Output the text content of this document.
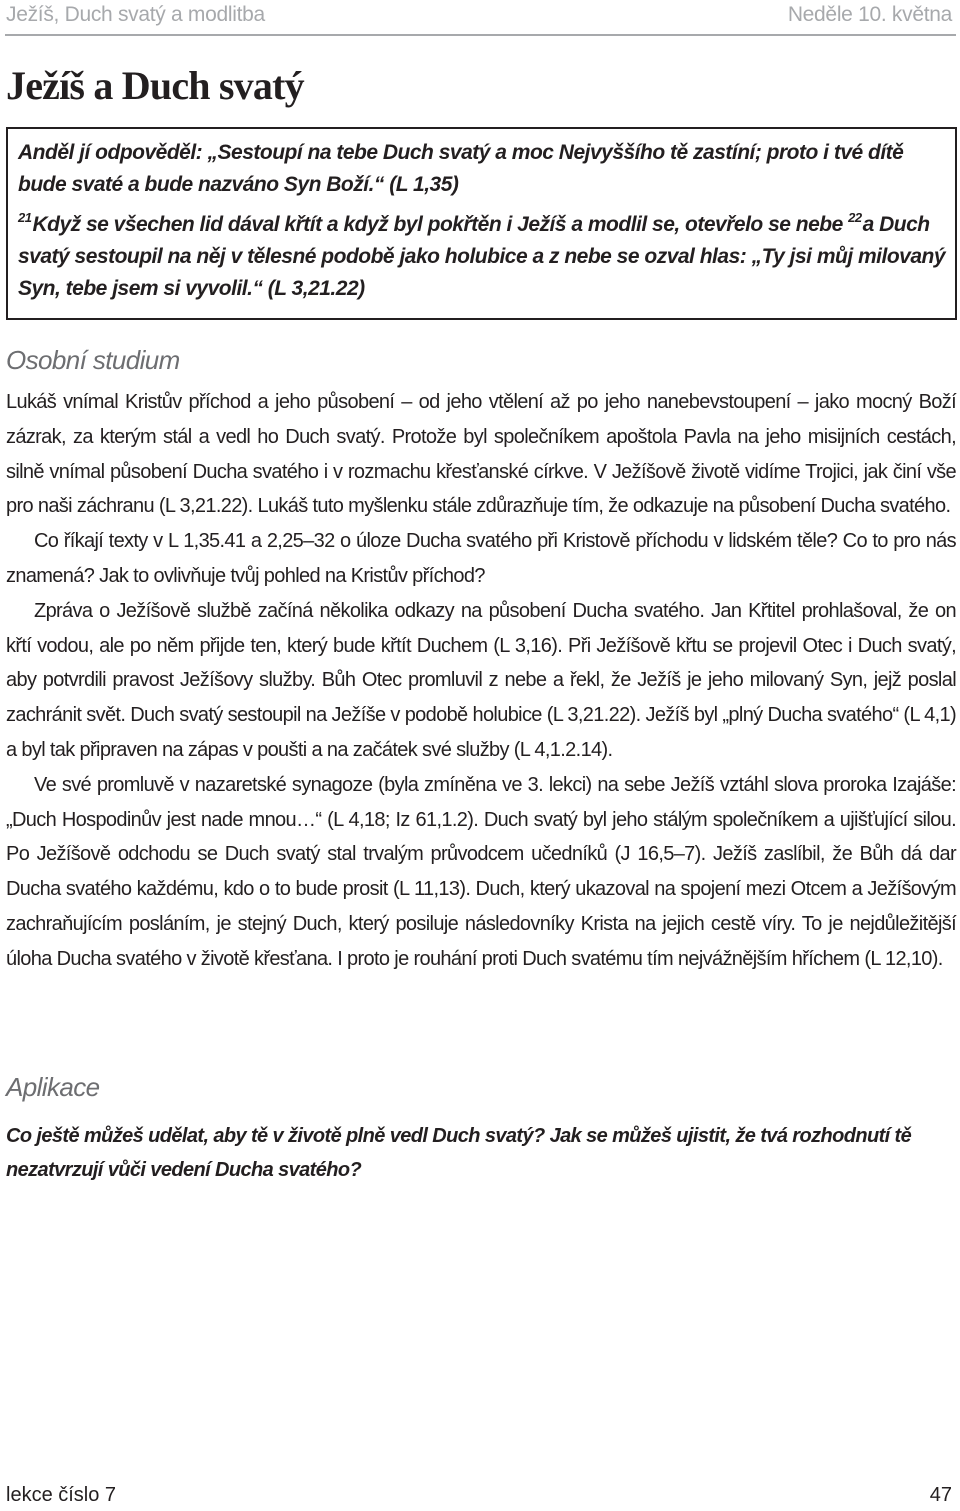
Ježíš, Duch svatý a modlitba	Neděle 10. května
Ježíš a Duch svatý

Anděl jí odpověděl: „Sestoupí na tebe Duch svatý a moc Nejvyššího tě zastíní; proto i tvé dítě bude svaté a bude nazváno Syn Boží.“ (L 1,35)

$^{21}$Když se všechen lid dával křtít a když byl pokřtěn i Ježíš a modlil se, otevřelo se nebe $^{22}$a Duch svatý sestoupil na něj v tělesné podobě jako holubice a z nebe se ozval hlas: „Ty jsi můj milovaný Syn, tebe jsem si vyvolil.“ (L 3,21.22)

Osobní studium

Lukáš vnímal Kristův příchod a jeho působení – od jeho vtělení až po jeho nanebevstoupení – jako mocný Boží zázrak, za kterým stál a vedl ho Duch svatý. Protože byl společníkem apoštola Pavla na jeho misijních cestách, silně vnímal působení Ducha svatého i v rozmachu křesťanské církve. V Ježíšově životě vidíme Trojici, jak činí vše pro naši záchranu (L 3,21.22). Lukáš tuto myšlenku stále zdůrazňuje tím, že odkazuje na působení Ducha svatého.

Co říkají texty v L 1,35.41 a 2,25–32 o úloze Ducha svatého při Kristově příchodu v lidském těle? Co to pro nás znamená? Jak to ovlivňuje tvůj pohled na Kristův příchod?

Zpráva o Ježíšově službě začíná několika odkazy na působení Ducha svatého. Jan Křtitel prohlašoval, že on křtí vodou, ale po něm přijde ten, který bude křtít Duchem (L 3,16). Při Ježíšově křtu se projevil Otec i Duch svatý, aby potvrdili pravost Ježíšovy služby. Bůh Otec promluvil z nebe a řekl, že Ježíš je jeho milovaný Syn, jejž poslal zachránit svět. Duch svatý sestoupil na Ježíše v podobě holubice (L 3,21.22). Ježíš byl „plný Ducha svatého“ (L 4,1) a byl tak připraven na zápas v poušti a na začátek své služby (L 4,1.2.14).

Ve své promluvě v nazaretské synagoze (byla zmíněna ve 3. lekci) na sebe Ježíš vztáhl slova proroka Izajáše: „Duch Hospodinův jest nade mnou…“ (L 4,18; Iz 61,1.2). Duch svatý byl jeho stálým společníkem a ujišťující silou. Po Ježíšově odchodu se Duch svatý stal trvalým průvodcem učedníků (J 16,5–7). Ježíš zaslíbil, že Bůh dá dar Ducha svatého každému, kdo o to bude prosit (L 11,13). Duch, který ukazoval na spojení mezi Otcem a Ježíšovým zachraňujícím posláním, je stejný Duch, který posiluje následovníky Krista na jejich cestě víry. To je nejdůležitější úloha Ducha svatého v životě křesťana. I proto je rouhání proti Duch svatému tím nejvážnějším hříchem (L 12,10).

Aplikace

Co ještě můžeš udělat, aby tě v životě plně vedl Duch svatý? Jak se můžeš ujistit, že tvá rozhodnutí tě nezatvrzují vůči vedení Ducha svatého?

lekce číslo 7	47
